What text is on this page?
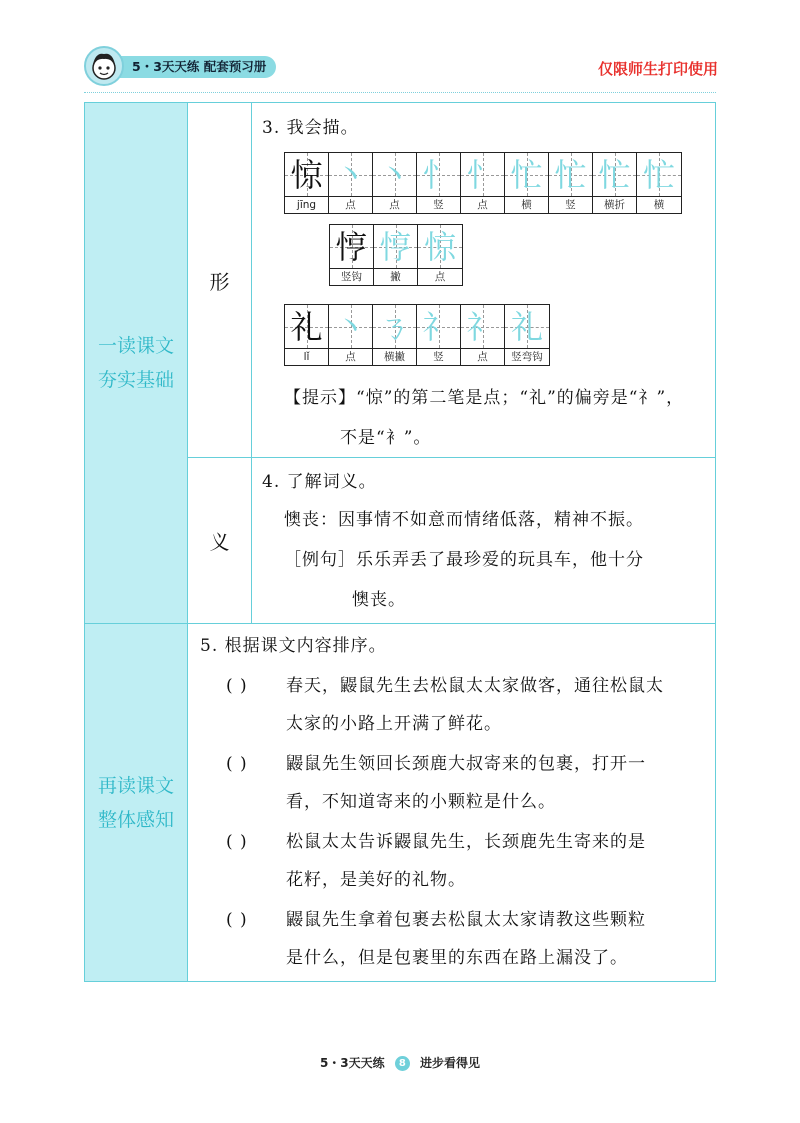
5・3天天练 配套预习册	仅限师生打印使用
一读课文
夯实基础
形
3. 我会描。
惊
jīng
丶
点
丶
点
忄
竖
忄
点
忙
横
忙
竖
忙
横折
忙
横
悙
竖钩
悙
撇
惊
点
礼
lǐ
丶
点
ㄋ
横撇
礻
竖
礻
点
礼
竖弯钩
【提示】“惊”的第二笔是点；“礼”的偏旁是“礻”，
不是“衤”。
义
4. 了解词义。
懊丧：因事情不如意而情绪低落，精神不振。
［例句］乐乐弄丢了最珍爱的玩具车，他十分
懊丧。
再读课文
整体感知
5. 根据课文内容排序。
( ) 春天，鼹鼠先生去松鼠太太家做客，通往松鼠太
太家的小路上开满了鲜花。
( ) 鼹鼠先生领回长颈鹿大叔寄来的包裹，打开一
看，不知道寄来的小颗粒是什么。
( ) 松鼠太太告诉鼹鼠先生，长颈鹿先生寄来的是
花籽，是美好的礼物。
( ) 鼹鼠先生拿着包裹去松鼠太太家请教这些颗粒
是什么，但是包裹里的东西在路上漏没了。
5・3天天练 8 进步看得见
